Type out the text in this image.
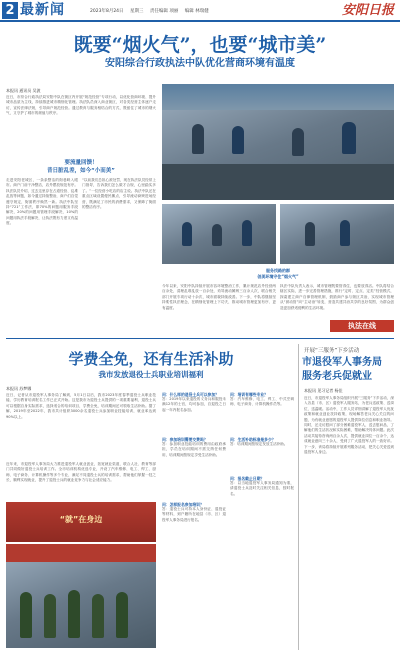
2 最新闻	2023年8月24日 星期三 责任编辑 项丽 编辑 林瑞健	安阳日报
既要“烟火气”，也要“城市美”
安阳综合行政执法中队优化营商环境有温度
本报讯 通讯员 吴波
近日，市综合行政执法局安阳中队在街区内开展“规范经营”专项行动，以优化营商环境、提升城市品质为主线，持续推进城市精细化管理。执法队员深入商业街区，对各类经营主体逐户走访，宣传法律法规，引导商户规范经营。通过教育与服务相结合的方式，既留住了城市的烟火气，又守护了城市的颜值与秩序。
要流量回馈！
昔日脏乱差，如今“小而美”
走进安阳老城区，一条条整洁的街巷映入眼帘。商户门前干净整洁，店外摆放规范有序。执法队员介绍，过去这里存在占道经营、乱堆乱放等问题，如今通过持续整治，商户们自觉遵守规定，街面秩序焕然一新。执法中队坚持“721”工作法，即70%的问题用服务手段解决，20%的问题用管理手段解决，10%的问题用执法手段解决，让执法既有力度又有温度。
“以前我们总担心被处罚，现在执法队员经常上门指导，告诉我们怎么做才合规，心里踏实多了。”一位经营小吃店的店主说。执法中队还在重点区域设置便民摊点，引导流动商贩进场经营，既满足了市民的消费需求，又保障了街面的整洁有序。
服务找路的群
创美环境守住“烟火气”
今年以来，安阳中队持续开展市容环境整治工作，累计规范店外经营两百余处，清理乱堆乱放一百余处，劝导流动摊贩三百余人次，联合相关部门开展专项行动十余次，城市面貌持续改善。下一步，中队将继续坚持柔性执法理念，在精细化管理上下功夫，推动城市管理更加有序、更有温度。
执法中队负责人表示，城市管理既要管得住，也要放得活。中队将结合辖区实际，进一步完善管理措施，推行“定时、定点、定类”经营模式，探索建立商户自律管理机制，鼓励商户参与街区共治，实现城市管理从“被动管”向“主动治”转变，营造共建共治共享的良好氛围，为群众创造更加舒适便利的生活环境。
执法在线
学费全免，还有生活补助
我市发放退役士兵职业培训福利
本报讯 苏梦娜
近日，记者从市退役军人事务局了解到，5月1日以后，我市2023年度春季退役士兵职业技能、学历教育培训报名工作已正式开始。这是我市为退役士兵提供的一项重要福利，退役士兵可以根据自身实际需求，选择适合的培训项目，学费全免，培训期间还可领取生活补助。据了解，2019年至2022年，我市共计组织3000余名退役士兵参加职业技能培训，就业率达到90%以上。
近年来，市退役军人事务局大力推进退役军人就业创业，拓宽就业渠道，联合人社、教育等部门共同做好退役士兵培训工作。全市培训机构优选专业，开设了汽车维修、电工、焊工、厨师、电子商务、计算机操作等多个专业，满足不同退役士兵的培训需求，帮助他们掌握一技之长，顺利实现就业，提升了退役士兵的就业竞争力与社会适应能力。
“就”在身边
问：什么样的退役士兵可以参加？
答：2019年以来退役的义务兵和服役未满12年的士官，均可参加，自退役之日起一年内报名参加。
问：参加培训需要交费吗？
答：参加职业技能培训的费用由政府承担，学员在培训期间不需交纳任何费用，培训期间按规定享受生活补助。
问：怎样报名参加培训？
答：退役士兵可持本人身份证、退役证等材料，到户籍所在地县（市、区）退役军人事务局进行报名。
问：培训有哪些专业？
答：汽车维修、电工、焊工、中式烹调师、电子商务、计算机操作员等。
问：生活补助标准是多少？
答：培训期间按规定发放生活补助。
问：报名截止日期？
答：以当地退役军人事务局通知为准，请退役士兵及时关注相关信息，按时报名。
开展“三服务”下乡活动
市退役军人事务局
服务老兵促就业
本报讯 见习记者 杨佳
近日，市退役军人事务局组织开展“三服务”下乡活动，深入各县（市、区）退役军人服务站，为老兵送政策、送岗位、送温暖。活动中，工作人员详细讲解了退役军人优抚政策和就业创业扶持政策，现场解答老兵关心关注的问题，为有就业意愿的退役军人提供岗位信息和职业指导。同时，还走访慰问了部分困难退役军人，送去慰问品，了解他们的生活状况和实际困难，帮助解决具体问题。此次活动共接待咨询两百余人次，提供就业岗位一百余个，达成就业意向三十余人，受到了广大退役军人的一致好评。下一步，该局将持续开展系列服务活动，把关心关爱送到退役军人身边。
